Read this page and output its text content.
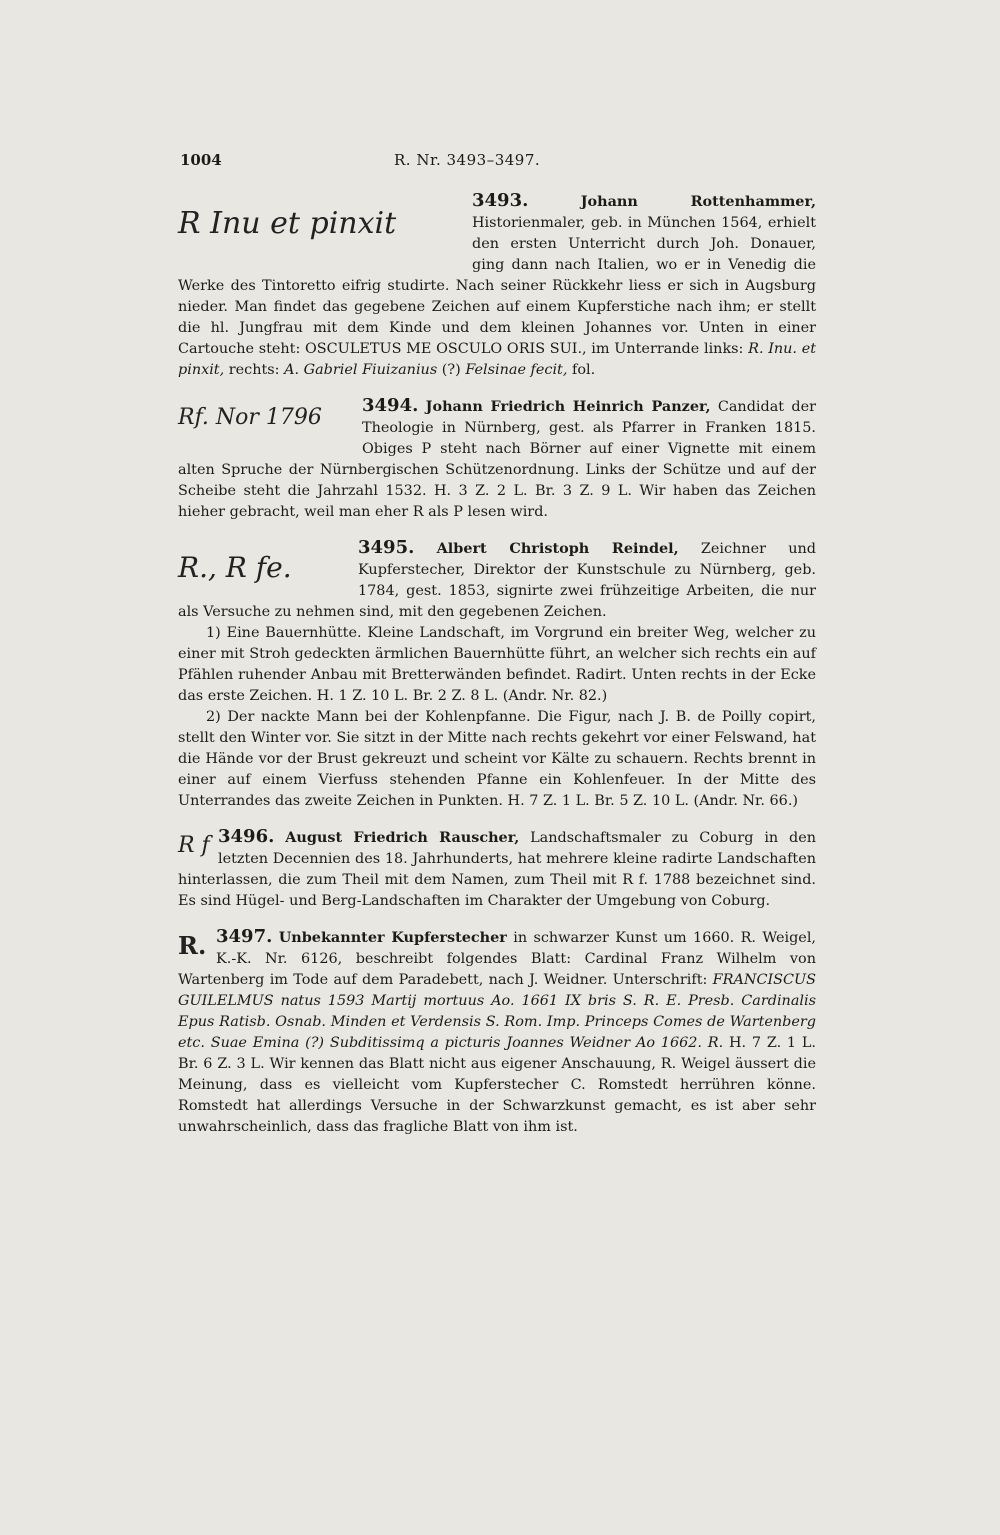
1004	R. Nr. 3493–3497.

3493.	Johann Rottenhammer,
R Inu et pinxit	Historienmaler, geb. in München 1564, erhielt den ersten Unterricht durch Joh. Donauer, ging dann nach Italien, wo er in Venedig die Werke des Tintoretto eifrig studirte. Nach seiner Rückkehr liess er sich in Augsburg nieder. Man findet das gegebene Zeichen auf einem Kupferstiche nach ihm; er stellt die hl. Jungfrau mit dem Kinde und dem kleinen Johannes vor. Unten in einer Cartouche steht: OSCULETUS ME OSCULO ORIS SUI., im Unterrande links: R. Inu. et pinxit, rechts: A. Gabriel Fiuizanius (?) Felsinae fecit, fol.

3494. Johann Friedrich Heinrich Panzer,
Rf. Nor 1796	Candidat der Theologie in Nürnberg, gest. als Pfarrer in Franken 1815. Obiges P steht nach Börner auf einer Vignette mit einem alten Spruche der Nürnbergischen Schützenordnung. Links der Schütze und auf der Scheibe steht die Jahrzahl 1532. H. 3 Z. 2 L. Br. 3 Z. 9 L. Wir haben das Zeichen hieher gebracht, weil man eher R als P lesen wird.

3495. Albert Christoph Reindel,
R., R fe.
Zeichner und Kupferstecher, Direktor der Kunstschule zu Nürnberg, geb. 1784, gest. 1853, signirte zwei frühzeitige Arbeiten, die nur als Versuche zu nehmen sind, mit den gegebenen Zeichen.

1) Eine Bauernhütte. Kleine Landschaft, im Vorgrund ein breiter Weg, welcher zu einer mit Stroh gedeckten ärmlichen Bauernhütte führt, an welcher sich rechts ein auf Pfählen ruhender Anbau mit Bretterwänden befindet. Radirt. Unten rechts in der Ecke das erste Zeichen. H. 1 Z. 10 L. Br. 2 Z. 8 L. (Andr. Nr. 82.)

2) Der nackte Mann bei der Kohlenpfanne. Die Figur, nach J. B. de Poilly copirt, stellt den Winter vor. Sie sitzt in der Mitte nach rechts gekehrt vor einer Felswand, hat die Hände vor der Brust gekreuzt und scheint vor Kälte zu schauern. Rechts brennt in einer auf einem Vierfuss stehenden Pfanne ein Kohlenfeuer. In der Mitte des Unterrandes das zweite Zeichen in Punkten. H. 7 Z. 1 L. Br. 5 Z. 10 L. (Andr. Nr. 66.)

3496. August Friedrich Rauscher,
R f	Landschaftsmaler zu Coburg in den letzten Decennien des 18. Jahrhunderts, hat mehrere kleine radirte Landschaften hinterlassen, die zum Theil mit dem Namen, zum Theil mit R f. 1788 bezeichnet sind. Es sind Hügel- und Berg-Landschaften im Charakter der Umgebung von Coburg.

3497. Unbekannter Kupferstecher
R.	in schwarzer Kunst um 1660. R. Weigel, K.-K. Nr. 6126, beschreibt folgendes Blatt: Cardinal Franz Wilhelm von Wartenberg im Tode auf dem Paradebett, nach J. Weidner. Unterschrift: FRANCISCUS GUILELMUS natus 1593 Martij mortuus Ao. 1661 IX bris S. R. E. Presb. Cardinalis Epus Ratisb. Osnab. Minden et Verdensis S. Rom. Imp. Princeps Comes de Wartenberg etc. Suae Emina (?) Subditissimq a picturis Joannes Weidner Ao 1662. R. H. 7 Z. 1 L. Br. 6 Z. 3 L. Wir kennen das Blatt nicht aus eigener Anschauung, R. Weigel äussert die Meinung, dass es vielleicht vom Kupferstecher C. Romstedt herrühren könne. Romstedt hat allerdings Versuche in der Schwarzkunst gemacht, es ist aber sehr unwahrscheinlich, dass das fragliche Blatt von ihm ist.
